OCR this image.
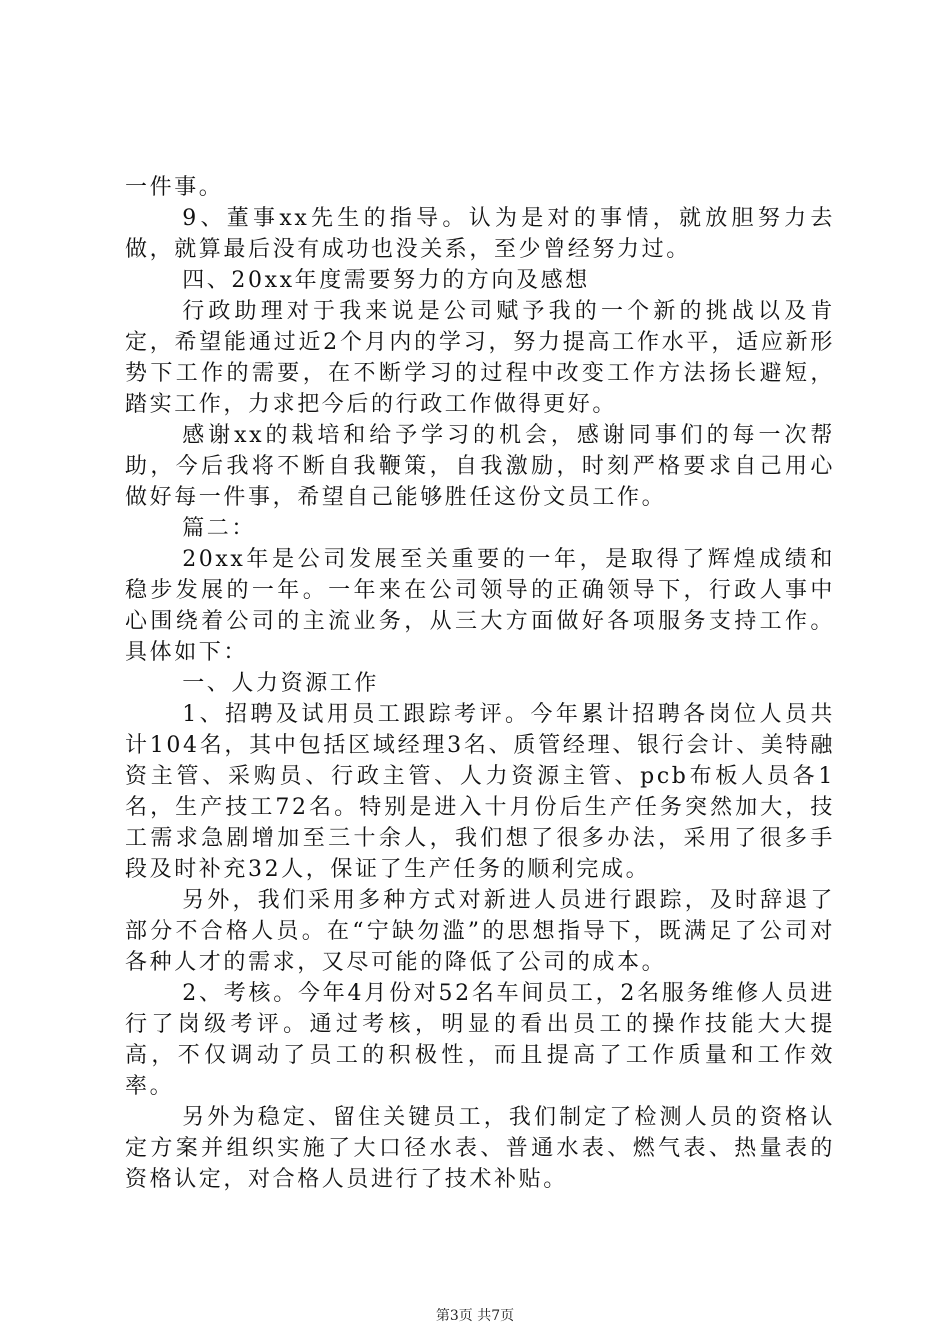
一件事。

9、董事xx先生的指导。认为是对的事情，就放胆努力去做，就算最后没有成功也没关系，至少曾经努力过。

四、20xx年度需要努力的方向及感想

行政助理对于我来说是公司赋予我的一个新的挑战以及肯定，希望能通过近2个月内的学习，努力提高工作水平，适应新形势下工作的需要，在不断学习的过程中改变工作方法扬长避短，踏实工作，力求把今后的行政工作做得更好。

感谢xx的栽培和给予学习的机会，感谢同事们的每一次帮助，今后我将不断自我鞭策，自我激励，时刻严格要求自己用心做好每一件事，希望自己能够胜任这份文员工作。

篇二：

20xx年是公司发展至关重要的一年，是取得了辉煌成绩和稳步发展的一年。一年来在公司领导的正确领导下，行政人事中心围绕着公司的主流业务，从三大方面做好各项服务支持工作。具体如下：

一、人力资源工作

1、招聘及试用员工跟踪考评。今年累计招聘各岗位人员共计104名，其中包括区域经理3名、质管经理、银行会计、美特融资主管、采购员、行政主管、人力资源主管、pcb布板人员各1名，生产技工72名。特别是进入十月份后生产任务突然加大，技工需求急剧增加至三十余人，我们想了很多办法，采用了很多手段及时补充32人，保证了生产任务的顺利完成。

另外，我们采用多种方式对新进人员进行跟踪，及时辞退了部分不合格人员。在“宁缺勿滥”的思想指导下，既满足了公司对各种人才的需求，又尽可能的降低了公司的成本。

2、考核。今年4月份对52名车间员工，2名服务维修人员进行了岗级考评。通过考核，明显的看出员工的操作技能大大提高，不仅调动了员工的积极性，而且提高了工作质量和工作效率。

另外为稳定、留住关键员工，我们制定了检测人员的资格认定方案并组织实施了大口径水表、普通水表、燃气表、热量表的资格认定，对合格人员进行了技术补贴。

第3页 共7页
